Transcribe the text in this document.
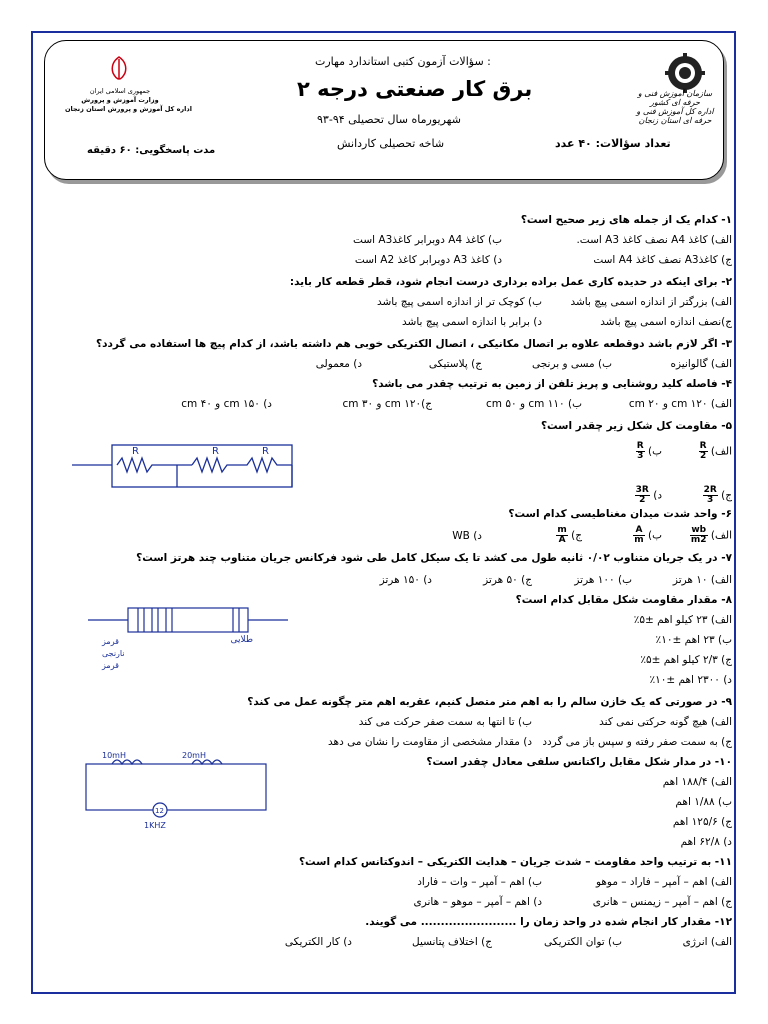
سازمان آموزش فنی و حرفه ای کشور
اداره کل آموزش فنی و حرفه ای استان زنجان
جمهوری اسلامی ایران
وزارت آموزش و پرورش
اداره کل آموزش و پرورش استان زنجان
سؤالات آزمون کتبی استاندارد مهارت :
برق کار صنعتی درجه ۲
شهریورماه سال تحصیلی ۹۴-۹۳
شاخه تحصیلی کاردانش	تعداد سؤالات: ۴۰ عدد
مدت پاسخگویی: ۶۰ دقیقه
۱- کدام یک از جمله های زیر صحیح است؟
الف) کاغذ A4 نصف کاغذ A3 است.
ب) کاغذ A4 دوبرابر کاغذA3 است
ج) کاغذA3 نصف کاغذ A4 است
د) کاغذ A3 دوبرابر کاغذ A2 است
۲- برای اینکه در حدیده کاری عمل براده برداری درست انجام شود، قطر قطعه کار باید:
الف) بزرگتر از اندازه اسمی پیچ باشد
ب) کوچک تر از اندازه اسمی پیچ باشد
ج)نصف اندازه اسمی پیچ باشد
د) برابر با اندازه اسمی پیچ باشد
۳- اگر لازم باشد دوقطعه علاوه بر اتصال مکانیکی ، اتصال الکتریکی خوبی هم داشته باشد، از کدام پیچ ها استفاده می گردد؟
الف) گالوانیزه
ب) مسی و برنجی
ج) پلاستیکی
د) معمولی
۴- فاصله کلید روشنایی و پریز تلفن از زمین به ترتیب چقدر می باشد؟
الف) ۱۲۰ cm و ۲۰ cm
ب) ۱۱۰ cm و ۵۰ cm
ج)۱۲۰ cm و ۳۰ cm
د) ۱۵۰ cm و ۴۰ cm
۵- مقاومت کل شکل زیر چقدر است؟
الف)
$\frac{R}{2}$
ب)
$\frac{R}{3}$
ج)
$\frac{2R}{3}$
د)
$\frac{3R}{2}$
۶- واحد شدت میدان مغناطیسی کدام است؟
الف)
$\frac{wb}{m2}$
ب)
$\frac{A}{m}$
ج)
$\frac{m}{A}$
د) WB
۷- در یک جریان متناوب ۰/۰۲ ثانیه طول می کشد تا یک سیکل کامل طی شود فرکانس جریان متناوب چند هرتز است؟
الف) ۱۰ هرتز
ب) ۱۰۰ هرتز
ج) ۵۰ هرتز
د) ۱۵۰ هرتز
۸- مقدار مقاومت شکل مقابل کدام است؟
الف) ۲۳ کیلو اهم ±۵٪
ب) ۲۳ اهم ±۱۰٪
ج) ۲/۳ کیلو اهم ±۵٪
د) ۲۳۰۰ اهم ±۱۰٪
۹- در صورتی که یک خازن سالم را به اهم متر متصل کنیم، عقربه اهم متر چگونه عمل می کند؟
الف) هیچ گونه حرکتی نمی کند
ب) تا انتها به سمت صفر حرکت می کند
ج) به سمت صفر رفته و سپس باز می گردد
د) مقدار مشخصی از مقاومت را نشان می دهد
۱۰- در مدار شکل مقابل راکتانس سلفی معادل چقدر است؟
الف) ۱۸۸/۴ اهم
ب) ۱/۸۸ اهم
ج) ۱۲۵/۶ اهم
د) ۶۲/۸ اهم
۱۱- به ترتیب واحد مقاومت – شدت جریان – هدایت الکتریکی – اندوکتانس کدام است؟
الف) اهم – آمپر – فاراد – موهو
ب) اهم – آمپر – وات – فاراد
ج) اهم – آمپر – زیمنس – هانری
د) اهم – آمپر – موهو – هانری
۱۲- مقدار کار انجام شده در واحد زمان را ........................ می گویند.
الف) انرژی
ب) توان الکتریکی
ج) اختلاف پتانسیل
د) کار الکتریکی
R	R	R
طلایی
قرمز
نارنجی
قرمز
10mH	20mH
12
1KHZ
